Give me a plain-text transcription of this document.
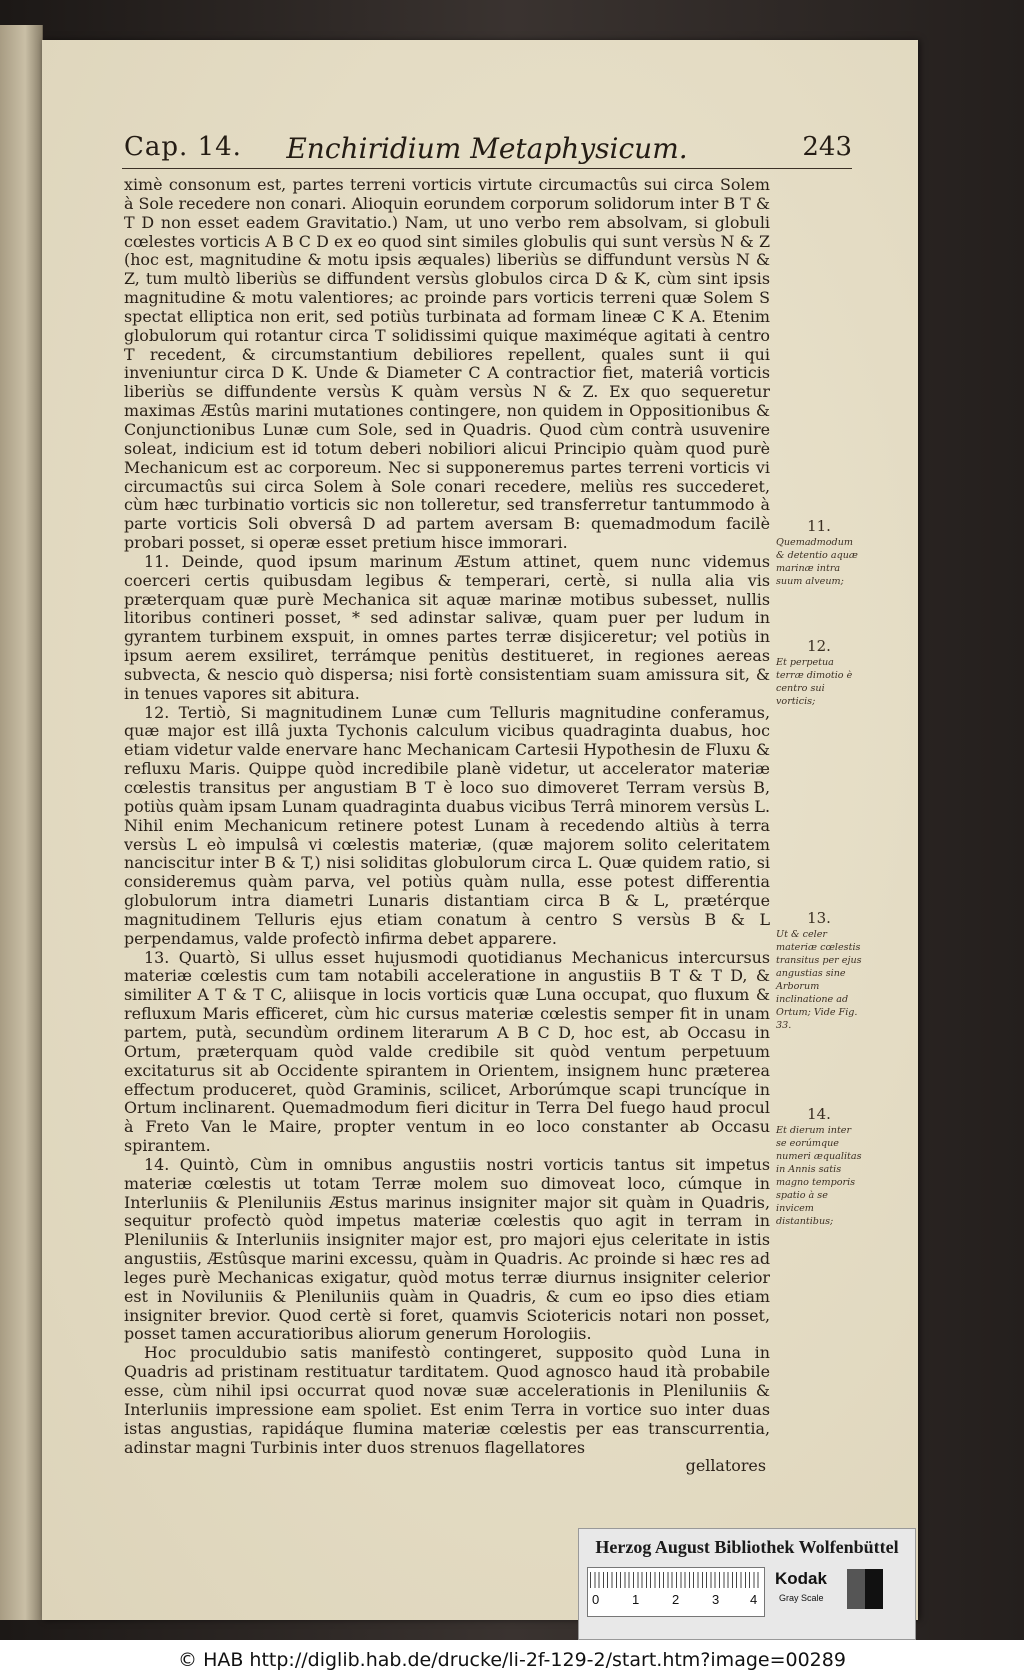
Cap. 14.	Enchiridium Metaphysicum.	243

ximè consonum est, partes terreni vorticis virtute circumactûs sui circa Solem à Sole recedere non conari. Alioquin eorundem corporum solidorum inter B T & T D non esset eadem Gravitatio.) Nam, ut uno verbo rem absolvam, si globuli cœlestes vorticis A B C D ex eo quod sint similes globulis qui sunt versùs N & Z (hoc est, magnitudine & motu ipsis æquales) liberiùs se diffundunt versùs N & Z, tum multò liberiùs se diffundent versùs globulos circa D & K, cùm sint ipsis magnitudine & motu valentiores; ac proinde pars vorticis terreni quæ Solem S spectat elliptica non erit, sed potiùs turbinata ad formam lineæ C K A. Etenim globulorum qui rotantur circa T solidissimi quique maximéque agitati à centro T recedent, & circumstantium debiliores repellent, quales sunt ii qui inveniuntur circa D K. Unde & Diameter C A contractior fiet, materiâ vorticis liberiùs se diffundente versùs K quàm versùs N & Z. Ex quo sequeretur maximas Æstûs marini mutationes contingere, non quidem in Oppositionibus & Conjunctionibus Lunæ cum Sole, sed in Quadris. Quod cùm contrà usuvenire soleat, indicium est id totum deberi nobiliori alicui Principio quàm quod purè Mechanicum est ac corporeum. Nec si supponeremus partes terreni vorticis vi circumactûs sui circa Solem à Sole conari recedere, meliùs res succederet, cùm hæc turbinatio vorticis sic non tolleretur, sed transferretur tantummodo à parte vorticis Soli obversâ D ad partem aversam B: quemadmodum facilè probari posset, si operæ esset pretium hisce immorari.

11. Deinde, quod ipsum marinum Æstum attinet, quem nunc videmus coerceri certis quibusdam legibus & temperari, certè, si nulla alia vis præterquam quæ purè Mechanica sit aquæ marinæ motibus subesset, nullis litoribus contineri posset, * sed adinstar salivæ, quam puer per ludum in gyrantem turbinem exspuit, in omnes partes terræ disjiceretur; vel potiùs in ipsum aerem exsiliret, terrámque penitùs destitueret, in regiones aereas subvecta, & nescio quò dispersa; nisi fortè consistentiam suam amissura sit, & in tenues vapores sit abitura.

12. Tertiò, Si magnitudinem Lunæ cum Telluris magnitudine conferamus, quæ major est illâ juxta Tychonis calculum vicibus quadraginta duabus, hoc etiam videtur valde enervare hanc Mechanicam Cartesii Hypothesin de Fluxu & refluxu Maris. Quippe quòd incredibile planè videtur, ut accelerator materiæ cœlestis transitus per angustiam B T è loco suo dimoveret Terram versùs B, potiùs quàm ipsam Lunam quadraginta duabus vicibus Terrâ minorem versùs L. Nihil enim Mechanicum retinere potest Lunam à recedendo altiùs à terra versùs L eò impulsâ vi cœlestis materiæ, (quæ majorem solito celeritatem nanciscitur inter B & T,) nisi soliditas globulorum circa L. Quæ quidem ratio, si consideremus quàm parva, vel potiùs quàm nulla, esse potest differentia globulorum intra diametri Lunaris distantiam circa B & L, prætérque magnitudinem Telluris ejus etiam conatum à centro S versùs B & L perpendamus, valde profectò infirma debet apparere.

13. Quartò, Si ullus esset hujusmodi quotidianus Mechanicus intercursus materiæ cœlestis cum tam notabili acceleratione in angustiis B T & T D, & similiter A T & T C, aliisque in locis vorticis quæ Luna occupat, quo fluxum & refluxum Maris efficeret, cùm hic cursus materiæ cœlestis semper fit in unam partem, putà, secundùm ordinem literarum A B C D, hoc est, ab Occasu in Ortum, præterquam quòd valde credibile sit quòd ventum perpetuum excitaturus sit ab Occidente spirantem in Orientem, insignem hunc præterea effectum produceret, quòd Graminis, scilicet, Arborúmque scapi truncíque in Ortum inclinarent. Quemadmodum fieri dicitur in Terra Del fuego haud procul à Freto Van le Maire, propter ventum in eo loco constanter ab Occasu spirantem.

14. Quintò, Cùm in omnibus angustiis nostri vorticis tantus sit impetus materiæ cœlestis ut totam Terræ molem suo dimoveat loco, cúmque in Interluniis & Pleniluniis Æstus marinus insigniter major sit quàm in Quadris, sequitur profectò quòd impetus materiæ cœlestis quo agit in terram in Pleniluniis & Interluniis insigniter major est, pro majori ejus celeritate in istis angustiis, Æstûsque marini excessu, quàm in Quadris. Ac proinde si hæc res ad leges purè Mechanicas exigatur, quòd motus terræ diurnus insigniter celerior est in Noviluniis & Pleniluniis quàm in Quadris, & cum eo ipso dies etiam insigniter brevior. Quod certè si foret, quamvis Sciotericis notari non posset, posset tamen accuratioribus aliorum generum Horologiis.

Hoc proculdubio satis manifestò contingeret, supposito quòd Luna in Quadris ad pristinam restituatur tarditatem. Quod agnosco haud ità probabile esse, cùm nihil ipsi occurrat quod novæ suæ accelerationis in Pleniluniis & Interluniis impressione eam spoliet. Est enim Terra in vortice suo inter duas istas angustias, rapidáque flumina materiæ cœlestis per eas transcurrentia, adinstar magni Turbinis inter duos strenuos flagellatores

gellatores

11.
Quemadmodum & detentio aquæ marinæ intra suum alveum;
12.
Et perpetua terræ dimotio è centro sui vorticis;
13.
Ut & celer materiæ cœlestis transitus per ejus angustias sine Arborum inclinatione ad Ortum; Vide Fig. 33.
14.
Et dierum inter se eorúmque numeri æqualitas in Annis satis magno temporis spatio à se invicem distantibus;
Herzog August Bibliothek Wolfenbüttel
0	1	2	3 4
Kodak
Gray Scale
© HAB http://diglib.hab.de/drucke/li-2f-129-2/start.htm?image=00289
